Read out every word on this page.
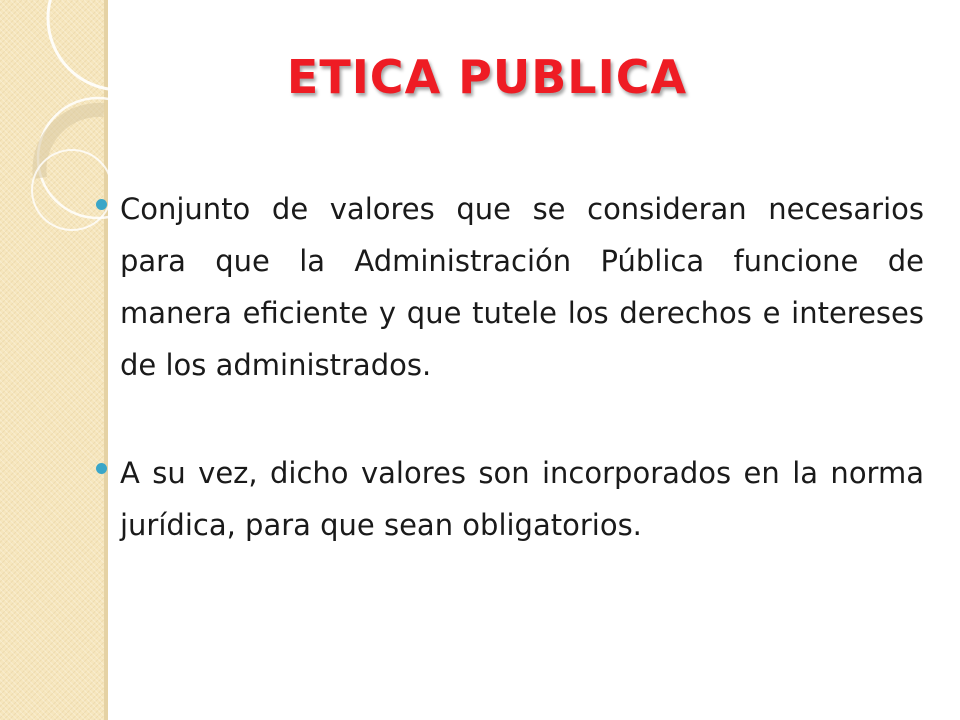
ETICA PUBLICA
Conjunto de valores que se consideran necesarios para que la Administración Pública funcione de manera eficiente y que tutele los derechos e intereses de los administrados.
A su vez, dicho valores son incorporados en la norma jurídica, para que sean obligatorios.
